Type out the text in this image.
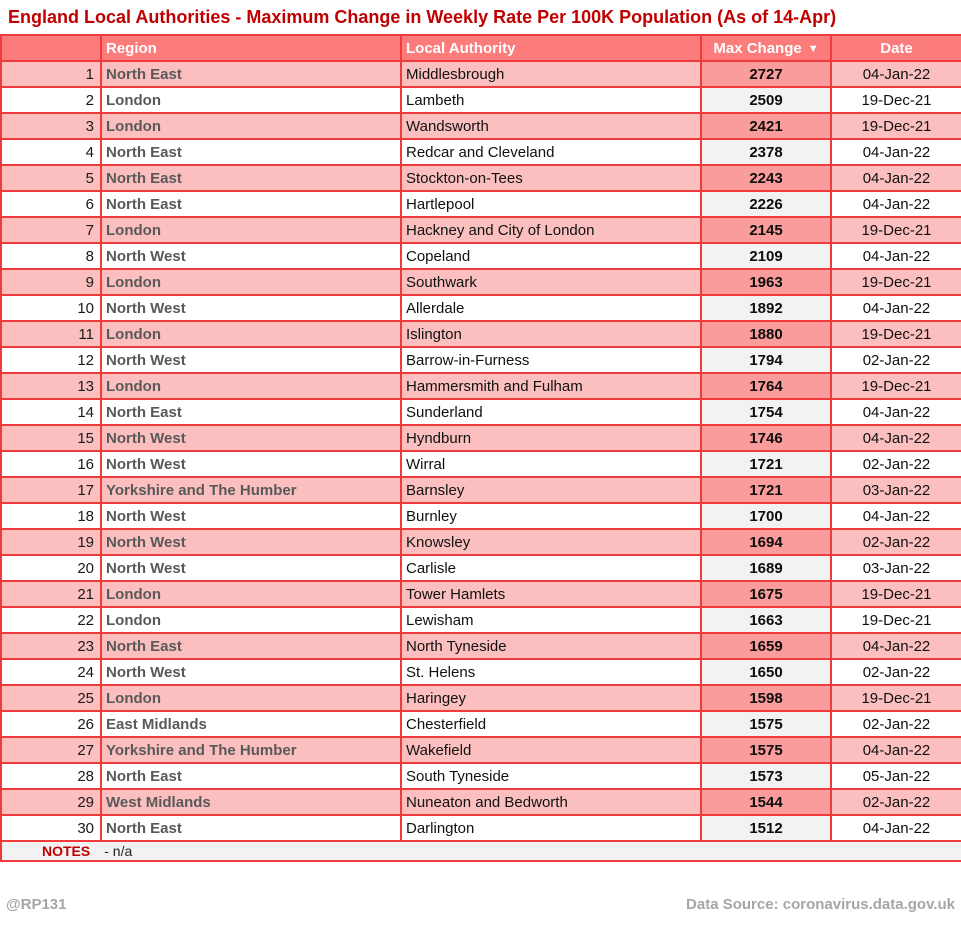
England Local Authorities - Maximum Change in Weekly Rate Per 100K Population (As of 14-Apr)
	Region	Local Authority	Max Change ▼	Date
1	North East	Middlesbrough	2727	04-Jan-22
2	London	Lambeth	2509	19-Dec-21
3	London	Wandsworth	2421	19-Dec-21
4	North East	Redcar and Cleveland	2378	04-Jan-22
5	North East	Stockton-on-Tees	2243	04-Jan-22
6	North East	Hartlepool	2226	04-Jan-22
7	London	Hackney and City of London	2145	19-Dec-21
8	North West	Copeland	2109	04-Jan-22
9	London	Southwark	1963	19-Dec-21
10	North West	Allerdale	1892	04-Jan-22
11	London	Islington	1880	19-Dec-21
12	North West	Barrow-in-Furness	1794	02-Jan-22
13	London	Hammersmith and Fulham	1764	19-Dec-21
14	North East	Sunderland	1754	04-Jan-22
15	North West	Hyndburn	1746	04-Jan-22
16	North West	Wirral	1721	02-Jan-22
17	Yorkshire and The Humber	Barnsley	1721	03-Jan-22
18	North West	Burnley	1700	04-Jan-22
19	North West	Knowsley	1694	02-Jan-22
20	North West	Carlisle	1689	03-Jan-22
21	London	Tower Hamlets	1675	19-Dec-21
22	London	Lewisham	1663	19-Dec-21
23	North East	North Tyneside	1659	04-Jan-22
24	North West	St. Helens	1650	02-Jan-22
25	London	Haringey	1598	19-Dec-21
26	East Midlands	Chesterfield	1575	02-Jan-22
27	Yorkshire and The Humber	Wakefield	1575	04-Jan-22
28	North East	South Tyneside	1573	05-Jan-22
29	West Midlands	Nuneaton and Bedworth	1544	02-Jan-22
30	North East	Darlington	1512	04-Jan-22
NOTES - n/a				
@RP131	Data Source: coronavirus.data.gov.uk
